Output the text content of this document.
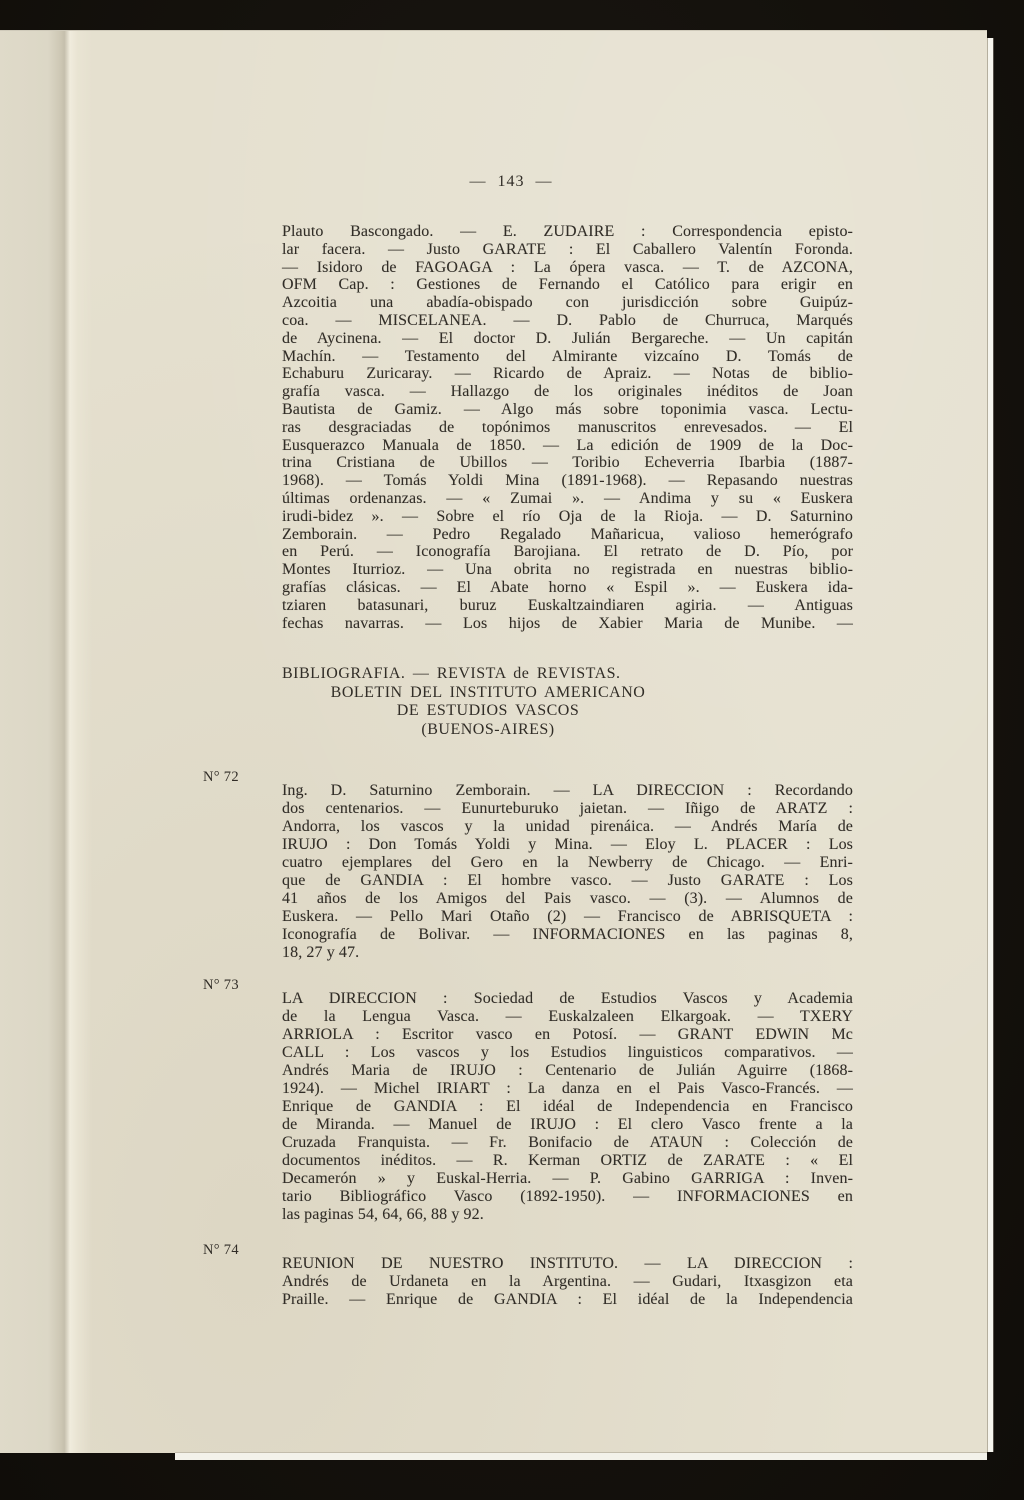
— 143 —
Plauto Bascongado. — E. ZUDAIRE : Correspondencia episto-
lar facera. — Justo GARATE : El Caballero Valentín Foronda.
— Isidoro de FAGOAGA : La ópera vasca. — T. de AZCONA,
OFM Cap. : Gestiones de Fernando el Católico para erigir en
Azcoitia una abadía-obispado con jurisdicción sobre Guipúz-
coa. — MISCELANEA. — D. Pablo de Churruca, Marqués
de Aycinena. — El doctor D. Julián Bergareche. — Un capitán
Machín. — Testamento del Almirante vizcaíno D. Tomás de
Echaburu Zuricaray. — Ricardo de Apraiz. — Notas de biblio-
grafía vasca. — Hallazgo de los originales inéditos de Joan
Bautista de Gamiz. — Algo más sobre toponimia vasca. Lectu-
ras desgraciadas de topónimos manuscritos enrevesados. — El
Eusquerazco Manuala de 1850. — La edición de 1909 de la Doc-
trina Cristiana de Ubillos — Toribio Echeverria Ibarbia (1887-
1968). — Tomás Yoldi Mina (1891-1968). — Repasando nuestras
últimas ordenanzas. — « Zumai ». — Andima y su « Euskera
irudi-bidez ». — Sobre el río Oja de la Rioja. — D. Saturnino
Zemborain. — Pedro Regalado Mañaricua, valioso hemerógrafo
en Perú. — Iconografía Barojiana. El retrato de D. Pío, por
Montes Iturrioz. — Una obrita no registrada en nuestras biblio-
grafías clásicas. — El Abate horno « Espil ». — Euskera ida-
tziaren batasunari, buruz Euskaltzaindiaren agiria. — Antiguas
fechas navarras. — Los hijos de Xabier Maria de Munibe. —
BIBLIOGRAFIA. — REVISTA de REVISTAS.
BOLETIN DEL INSTITUTO AMERICANO
DE ESTUDIOS VASCOS
(BUENOS-AIRES)
N° 72
Ing. D. Saturnino Zemborain. — LA DIRECCION : Recordando
dos centenarios. — Eunurteburuko jaietan. — Iñigo de ARATZ :
Andorra, los vascos y la unidad pirenáica. — Andrés María de
IRUJO : Don Tomás Yoldi y Mina. — Eloy L. PLACER : Los
cuatro ejemplares del Gero en la Newberry de Chicago. — Enri-
que de GANDIA : El hombre vasco. — Justo GARATE : Los
41 años de los Amigos del Pais vasco. — (3). — Alumnos de
Euskera. — Pello Mari Otaño (2) — Francisco de ABRISQUETA :
Iconografía de Bolivar. — INFORMACIONES en las paginas 8,
18, 27 y 47.
N° 73
LA DIRECCION : Sociedad de Estudios Vascos y Academia
de la Lengua Vasca. — Euskalzaleen Elkargoak. — TXERY
ARRIOLA : Escritor vasco en Potosí. — GRANT EDWIN Mc
CALL : Los vascos y los Estudios linguisticos comparativos. —
Andrés Maria de IRUJO : Centenario de Julián Aguirre (1868-
1924). — Michel IRIART : La danza en el Pais Vasco-Francés. —
Enrique de GANDIA : El idéal de Independencia en Francisco
de Miranda. — Manuel de IRUJO : El clero Vasco frente a la
Cruzada Franquista. — Fr. Bonifacio de ATAUN : Colección de
documentos inéditos. — R. Kerman ORTIZ de ZARATE : « El
Decamerón » y Euskal-Herria. — P. Gabino GARRIGA : Inven-
tario Bibliográfico Vasco (1892-1950). — INFORMACIONES en
las paginas 54, 64, 66, 88 y 92.
N° 74
REUNION DE NUESTRO INSTITUTO. — LA DIRECCION :
Andrés de Urdaneta en la Argentina. — Gudari, Itxasgizon eta
Praille. — Enrique de GANDIA : El idéal de la Independencia
